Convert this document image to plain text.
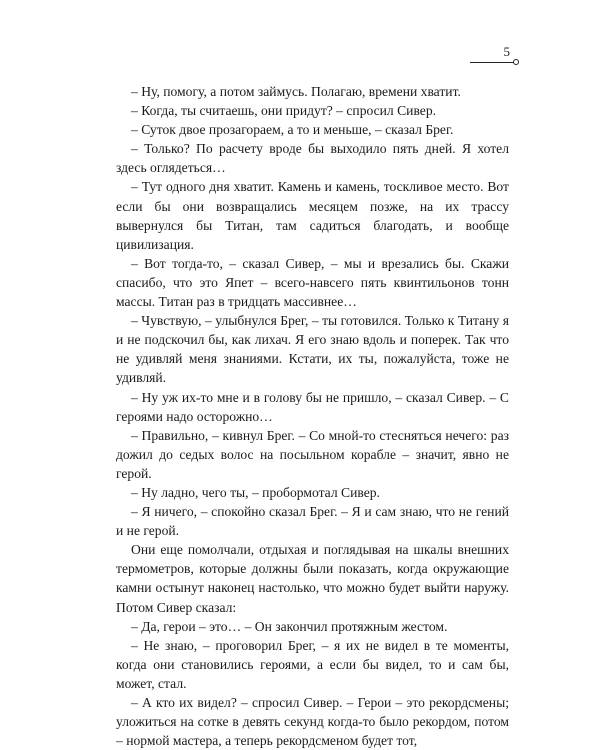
5

– Ну, помогу, а потом займусь. Полагаю, времени хватит.

– Когда, ты считаешь, они придут? – спросил Сивер.

– Суток двое прозагораем, а то и меньше, – сказал Брег.

– Только? По расчету вроде бы выходило пять дней. Я хотел здесь оглядеться…

– Тут одного дня хватит. Камень и камень, тоскливое место. Вот если бы они возвращались месяцем позже, на их трассу вывернулся бы Титан, там садиться благодать, и вообще цивилизация.

– Вот тогда-то, – сказал Сивер, – мы и врезались бы. Скажи спасибо, что это Япет – всего-навсего пять квинтильонов тонн массы. Титан раз в тридцать массивнее…

– Чувствую, – улыбнулся Брег, – ты готовился. Только к Титану я и не подскочил бы, как лихач. Я его знаю вдоль и поперек. Так что не удивляй меня знаниями. Кстати, их ты, пожалуйста, тоже не удивляй.

– Ну уж их-то мне и в голову бы не пришло, – сказал Сивер. – С героями надо осторожно…

– Правильно, – кивнул Брег. – Со мной-то стесняться нечего: раз дожил до седых волос на посыльном корабле – значит, явно не герой.

– Ну ладно, чего ты, – пробормотал Сивер.

– Я ничего, – спокойно сказал Брег. – Я и сам знаю, что не гений и не герой.

Они еще помолчали, отдыхая и поглядывая на шкалы внешних термометров, которые должны были показать, когда окружающие камни остынут наконец настолько, что можно будет выйти наружу. Потом Сивер сказал:

– Да, герои – это… – Он закончил протяжным жестом.

– Не знаю, – проговорил Брег, – я их не видел в те моменты, когда они становились героями, а если бы видел, то и сам бы, может, стал.

– А кто их видел? – спросил Сивер. – Герои – это рекордсмены; уложиться на сотке в девять секунд когда-то было рекордом, потом – нормой мастера, а теперь рекордсменом будет тот,
